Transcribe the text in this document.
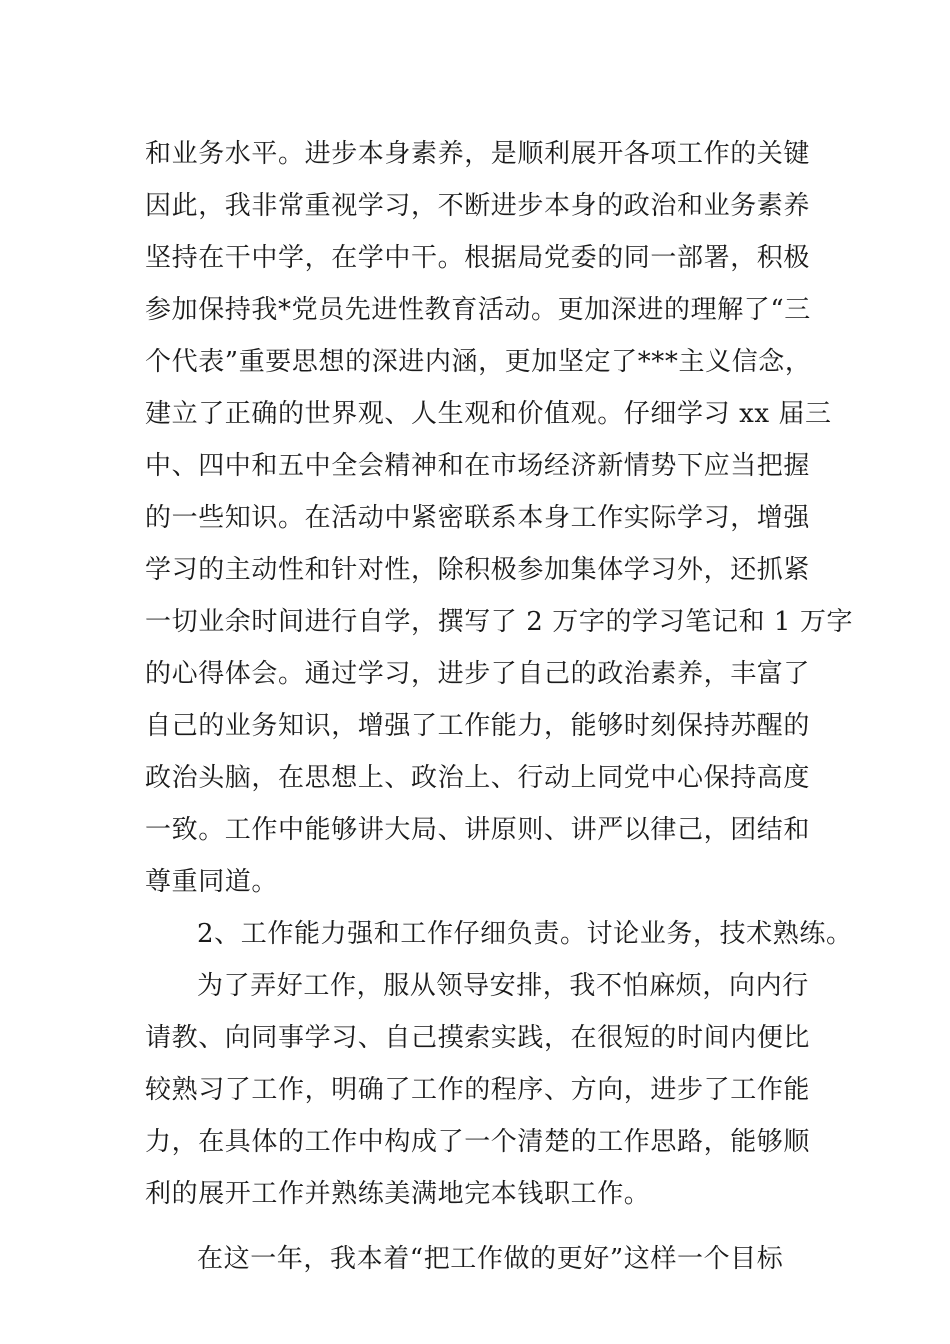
和业务水平。进步本身素养，是顺利展开各项工作的关键
因此，我非常重视学习，不断进步本身的政治和业务素养
坚持在干中学，在学中干。根据局党委的同一部署，积极
参加保持我*党员先进性教育活动。更加深进的理解了“三
个代表”重要思想的深进内涵，更加坚定了***主义信念，
建立了正确的世界观、人生观和价值观。仔细学习 xx 届三
中、四中和五中全会精神和在市场经济新情势下应当把握
的一些知识。在活动中紧密联系本身工作实际学习，增强
学习的主动性和针对性，除积极参加集体学习外，还抓紧
一切业余时间进行自学，撰写了 2 万字的学习笔记和 1 万字
的心得体会。通过学习，进步了自己的政治素养，丰富了
自己的业务知识，增强了工作能力，能够时刻保持苏醒的
政治头脑，在思想上、政治上、行动上同党中心保持高度
一致。工作中能够讲大局、讲原则、讲严以律己，团结和
尊重同道。
2、工作能力强和工作仔细负责。讨论业务，技术熟练。
为了弄好工作，服从领导安排，我不怕麻烦，向内行
请教、向同事学习、自己摸索实践，在很短的时间内便比
较熟习了工作，明确了工作的程序、方向，进步了工作能
力，在具体的工作中构成了一个清楚的工作思路，能够顺
利的展开工作并熟练美满地完本钱职工作。
在这一年，我本着“把工作做的更好”这样一个目标
